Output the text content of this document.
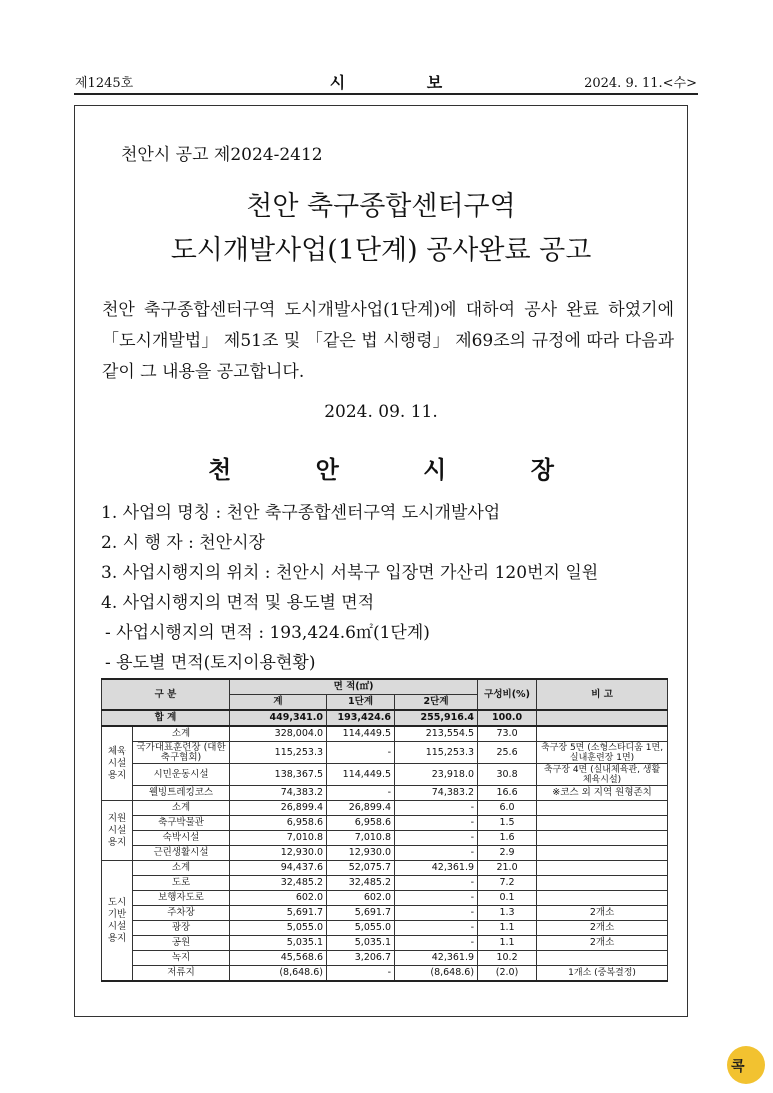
제1245호	시 보	2024. 9. 11.<수>
천안시 공고 제2024-2412
천안 축구종합센터구역
도시개발사업(1단계) 공사완료 공고
천안 축구종합센터구역 도시개발사업(1단계)에 대하여 공사 완료 하였기에 「도시개발법」 제51조 및 「같은 법 시행령」 제69조의 규정에 따라 다음과 같이 그 내용을 공고합니다.
2024. 09. 11.
천 안 시 장
1. 사업의 명칭 : 천안 축구종합센터구역 도시개발사업
2. 시 행 자 : 천안시장
3. 사업시행지의 위치 : 천안시 서북구 입장면 가산리 120번지 일원
4. 사업시행지의 면적 및 용도별 면적
- 사업시행지의 면적 : 193,424.6㎡(1단계)
- 용도별 면적(토지이용현황)
구 분		면 적(㎡)			구성비(%)	비 고
		계	1단계	2단계		
합 계		449,341.0	193,424.6	255,916.4	100.0	
체육시설용지	소계	328,004.0	114,449.5	213,554.5	73.0	
	국가대표훈련장 (대한축구협회)	115,253.3	-	115,253.3	25.6	축구장 5면 (소형스타디움 1면, 실내훈련장 1면)
	시민운동시설	138,367.5	114,449.5	23,918.0	30.8	축구장 4면 (실내체육관, 생활체육시설)
	웰빙트레킹코스	74,383.2	-	74,383.2	16.6	※코스 외 지역 원형존치
지원시설용지	소계	26,899.4	26,899.4	-	6.0	
	축구박물관	6,958.6	6,958.6	-	1.5	
	숙박시설	7,010.8	7,010.8	-	1.6	
	근린생활시설	12,930.0	12,930.0	-	2.9	
도시기반시설용지	소계	94,437.6	52,075.7	42,361.9	21.0	
	도로	32,485.2	32,485.2	-	7.2	
	보행자도로	602.0	602.0	-	0.1	
	주차장	5,691.7	5,691.7	-	1.3	2개소
	광장	5,055.0	5,055.0	-	1.1	2개소
	공원	5,035.1	5,035.1	-	1.1	2개소
	녹지	45,568.6	3,206.7	42,361.9	10.2	
	저류지	(8,648.6)	-	(8,648.6)	(2.0)	1개소 (중복결정)
콕
